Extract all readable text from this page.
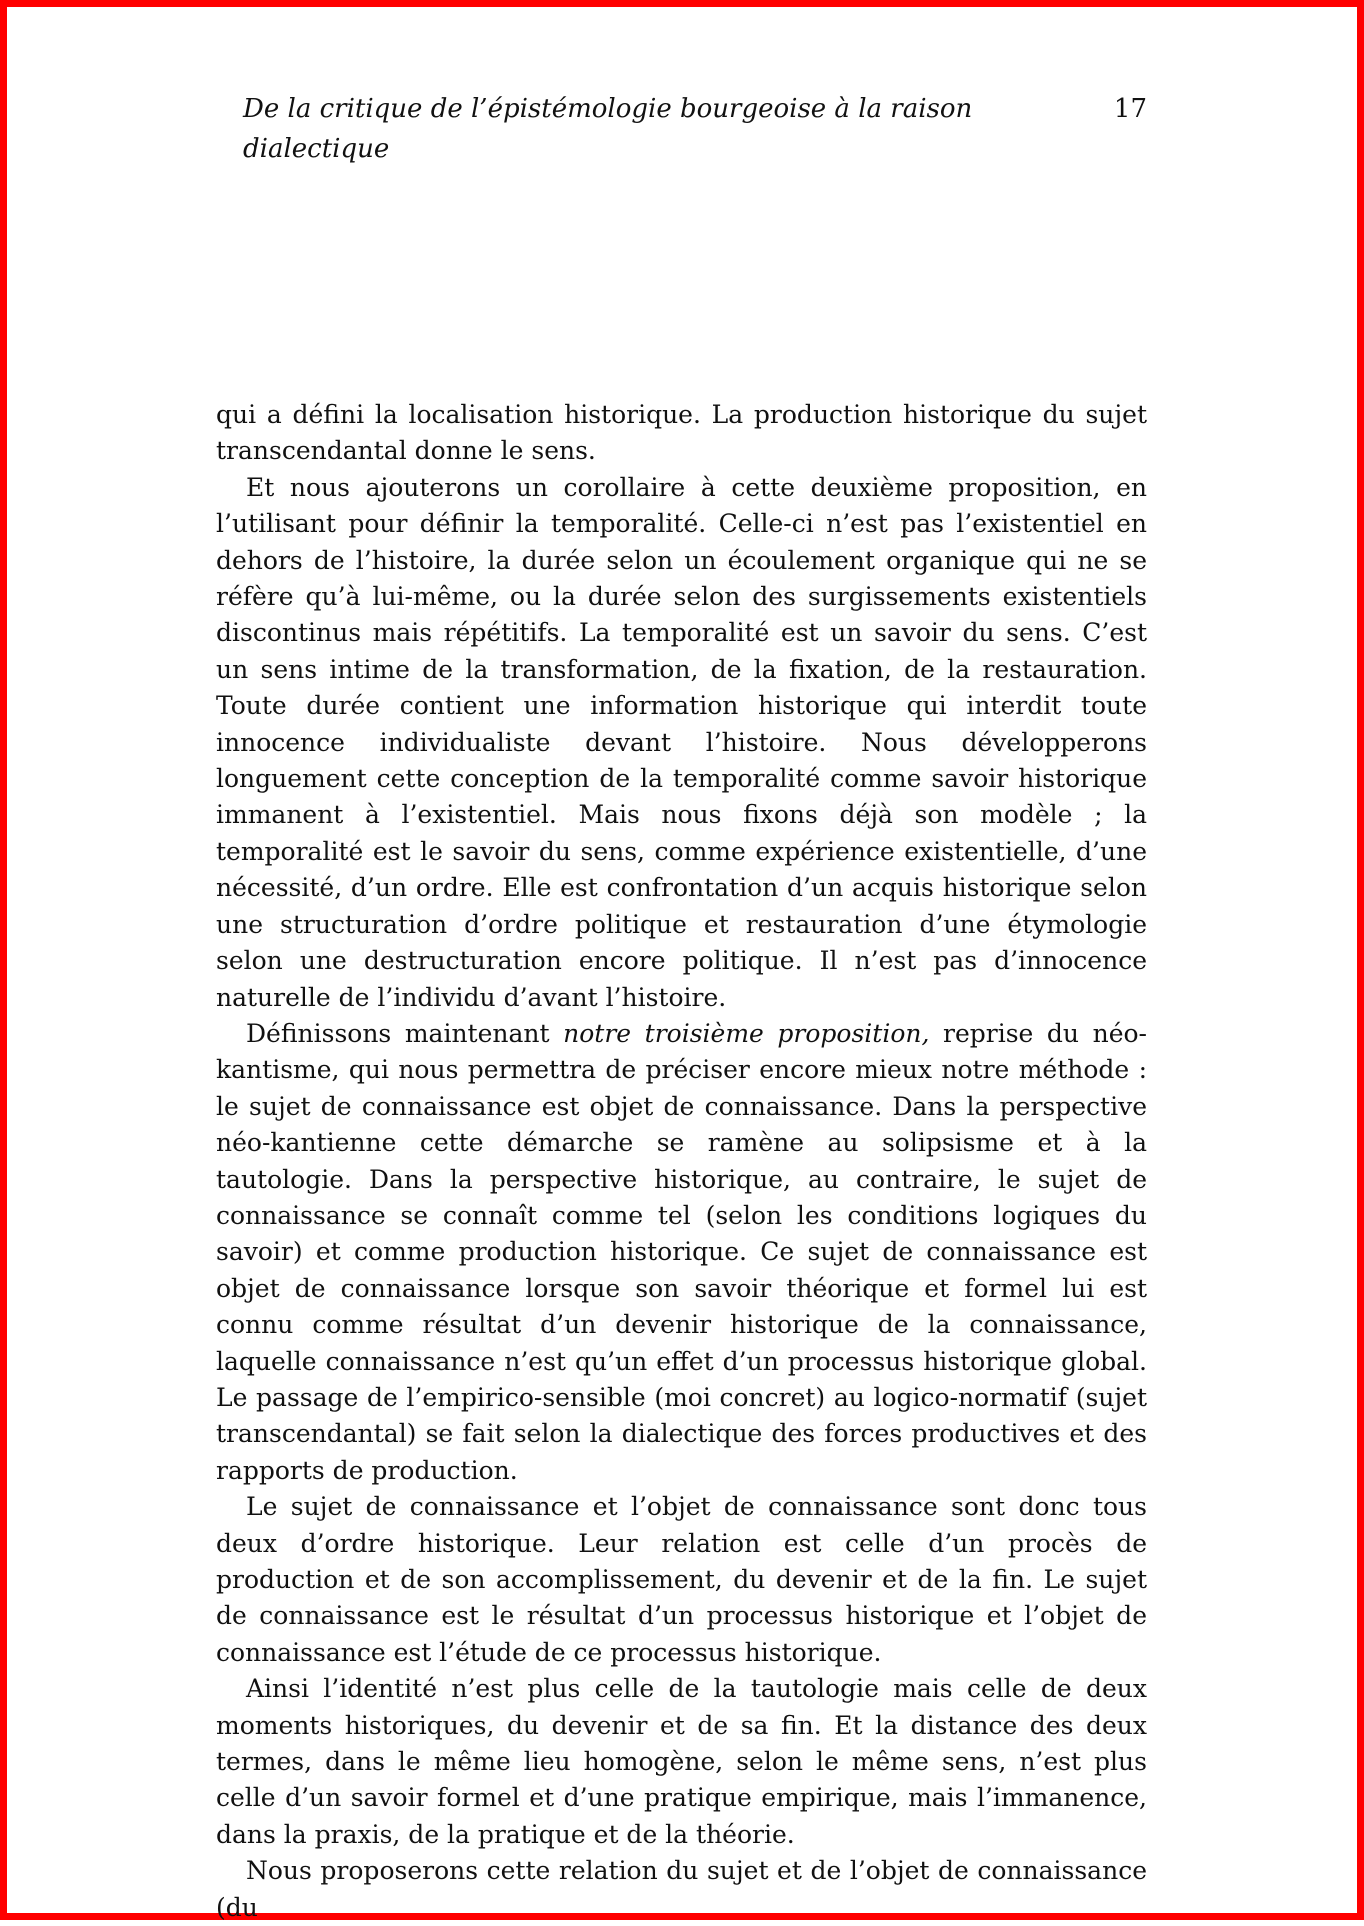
De la critique de l’épistémologie bourgeoise à la raison dialectique
17

qui a défini la localisation historique. La production historique du sujet transcendantal donne le sens.

Et nous ajouterons un corollaire à cette deuxième proposition, en l’utilisant pour définir la temporalité. Celle-ci n’est pas l’existentiel en dehors de l’histoire, la durée selon un écoulement organique qui ne se réfère qu’à lui-même, ou la durée selon des surgissements existentiels discontinus mais répétitifs. La temporalité est un savoir du sens. C’est un sens intime de la transformation, de la fixation, de la restauration. Toute durée contient une information historique qui interdit toute innocence individualiste devant l’histoire. Nous développerons longuement cette conception de la temporalité comme savoir historique immanent à l’existentiel. Mais nous fixons déjà son modèle ; la temporalité est le savoir du sens, comme expérience existentielle, d’une nécessité, d’un ordre. Elle est confrontation d’un acquis historique selon une structuration d’ordre politique et restauration d’une étymologie selon une destructuration encore politique. Il n’est pas d’innocence naturelle de l’individu d’avant l’histoire.

Définissons maintenant notre troisième proposition, reprise du néo-kantisme, qui nous permettra de préciser encore mieux notre méthode : le sujet de connaissance est objet de connaissance. Dans la perspective néo-kantienne cette démarche se ramène au solipsisme et à la tautologie. Dans la perspective historique, au contraire, le sujet de connaissance se connaît comme tel (selon les conditions logiques du savoir) et comme production historique. Ce sujet de connaissance est objet de connaissance lorsque son savoir théorique et formel lui est connu comme résultat d’un devenir historique de la connaissance, laquelle connaissance n’est qu’un effet d’un processus historique global. Le passage de l’empirico-sensible (moi concret) au logico-normatif (sujet transcendantal) se fait selon la dialectique des forces productives et des rapports de production.

Le sujet de connaissance et l’objet de connaissance sont donc tous deux d’ordre historique. Leur relation est celle d’un procès de production et de son accomplissement, du devenir et de la fin. Le sujet de connaissance est le résultat d’un processus historique et l’objet de connaissance est l’étude de ce processus historique.

Ainsi l’identité n’est plus celle de la tautologie mais celle de deux moments historiques, du devenir et de sa fin. Et la distance des deux termes, dans le même lieu homogène, selon le même sens, n’est plus celle d’un savoir formel et d’une pratique empirique, mais l’immanence, dans la praxis, de la pratique et de la théorie.

Nous proposerons cette relation du sujet et de l’objet de connaissance (du
